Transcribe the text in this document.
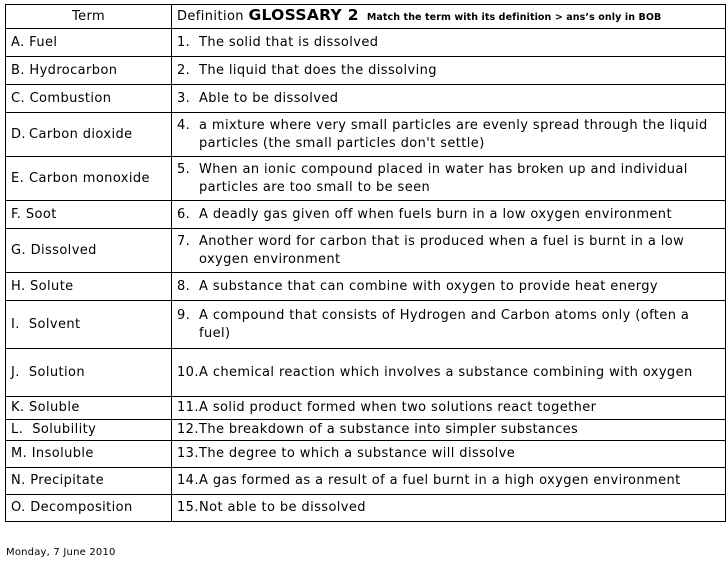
Term	Definition GLOSSARY 2 Match the term with its definition > ans’s only in BOB
A. Fuel	1. The solid that is dissolved
B. Hydrocarbon	2. The liquid that does the dissolving
C. Combustion	3. Able to be dissolved

D. Carbon dioxide	4. a mixture where very small particles are evenly spread through the liquid particles (the small particles don't settle)

E. Carbon monoxide	5. When an ionic compound placed in water has broken up and individual particles are too small to be seen

F. Soot	6. A deadly gas given off when fuels burn in a low oxygen environment
G. Dissolved	7. Another word for carbon that is produced when a fuel is burnt in a low oxygen environment

H. Solute	8. A substance that can combine with oxygen to provide heat energy
I. Solvent	9. A compound that consists of Hydrogen and Carbon atoms only (often a fuel)

J. Solution	10. A chemical reaction which involves a substance combining with oxygen

K. Soluble	11.A solid product formed when two solutions react together
L. Solubility	12.The breakdown of a substance into simpler substances
M. Insoluble	13.The degree to which a substance will dissolve
N. Precipitate	14.A gas formed as a result of a fuel burnt in a high oxygen environment
O. Decomposition	15.Not able to be dissolved
Monday, 7 June 2010
